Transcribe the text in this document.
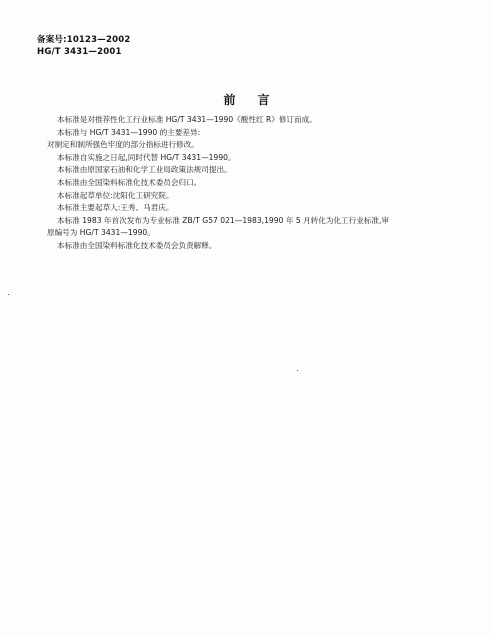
备案号:10123—2002
HG/T 3431—2001
前言

本标准是对推荐性化工行业标准 HG/T 3431—1990《酸性红 R》修订而成。

本标准与 HG/T 3431—1990 的主要差异:

对制定和制所强色牢度的部分指标进行修改。

本标准自实施之日起,同时代替 HG/T 3431—1990。

本标准由原国家石油和化学工业局政策法规司提出。

本标准由全国染料标准化技术委员会归口。

本标准起草单位:沈阳化工研究院。

本标准主要起草人:王秀、马君庆。

本标准 1983 年首次发布为专业标准 ZB/T G57 021—1983,1990 年 5 月转化为化工行业标准,审

原编号为 HG/T 3431—1990。

本标准由全国染料标准化技术委员会负责解释。
